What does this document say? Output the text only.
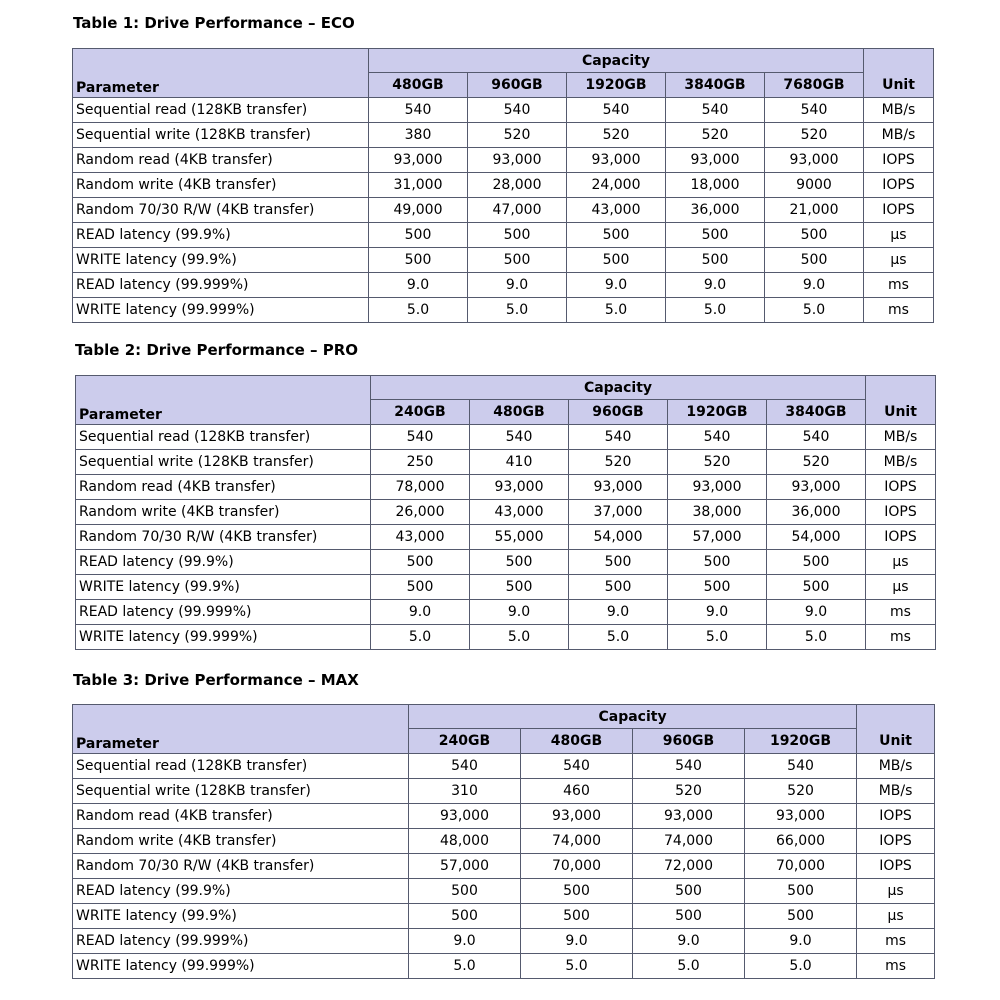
Table 1: Drive Performance – ECO
	Capacity					
Parameter	480GB	960GB	1920GB	3840GB	7680GB	Unit
Sequential read (128KB transfer)	540	540	540	540	540	MB/s
Sequential write (128KB transfer)	380	520	520	520	520	MB/s
Random read (4KB transfer)	93,000	93,000	93,000	93,000	93,000	IOPS
Random write (4KB transfer)	31,000	28,000	24,000	18,000	9000	IOPS
Random 70/30 R/W (4KB transfer)	49,000	47,000	43,000	36,000	21,000	IOPS
READ latency (99.9%)	500	500	500	500	500	μs
WRITE latency (99.9%)	500	500	500	500	500	μs
READ latency (99.999%)	9.0	9.0	9.0	9.0	9.0	ms
WRITE latency (99.999%)	5.0	5.0	5.0	5.0	5.0	ms
Table 2: Drive Performance – PRO
	Capacity					
Parameter	240GB	480GB	960GB	1920GB	3840GB	Unit
Sequential read (128KB transfer)	540	540	540	540	540	MB/s
Sequential write (128KB transfer)	250	410	520	520	520	MB/s
Random read (4KB transfer)	78,000	93,000	93,000	93,000	93,000	IOPS
Random write (4KB transfer)	26,000	43,000	37,000	38,000	36,000	IOPS
Random 70/30 R/W (4KB transfer)	43,000	55,000	54,000	57,000	54,000	IOPS
READ latency (99.9%)	500	500	500	500	500	μs
WRITE latency (99.9%)	500	500	500	500	500	μs
READ latency (99.999%)	9.0	9.0	9.0	9.0	9.0	ms
WRITE latency (99.999%)	5.0	5.0	5.0	5.0	5.0	ms
Table 3: Drive Performance – MAX
	Capacity				
Parameter	240GB	480GB	960GB	1920GB	Unit
Sequential read (128KB transfer)	540	540	540	540	MB/s
Sequential write (128KB transfer)	310	460	520	520	MB/s
Random read (4KB transfer)	93,000	93,000	93,000	93,000	IOPS
Random write (4KB transfer)	48,000	74,000	74,000	66,000	IOPS
Random 70/30 R/W (4KB transfer)	57,000	70,000	72,000	70,000	IOPS
READ latency (99.9%)	500	500	500	500	μs
WRITE latency (99.9%)	500	500	500	500	μs
READ latency (99.999%)	9.0	9.0	9.0	9.0	ms
WRITE latency (99.999%)	5.0	5.0	5.0	5.0	ms
